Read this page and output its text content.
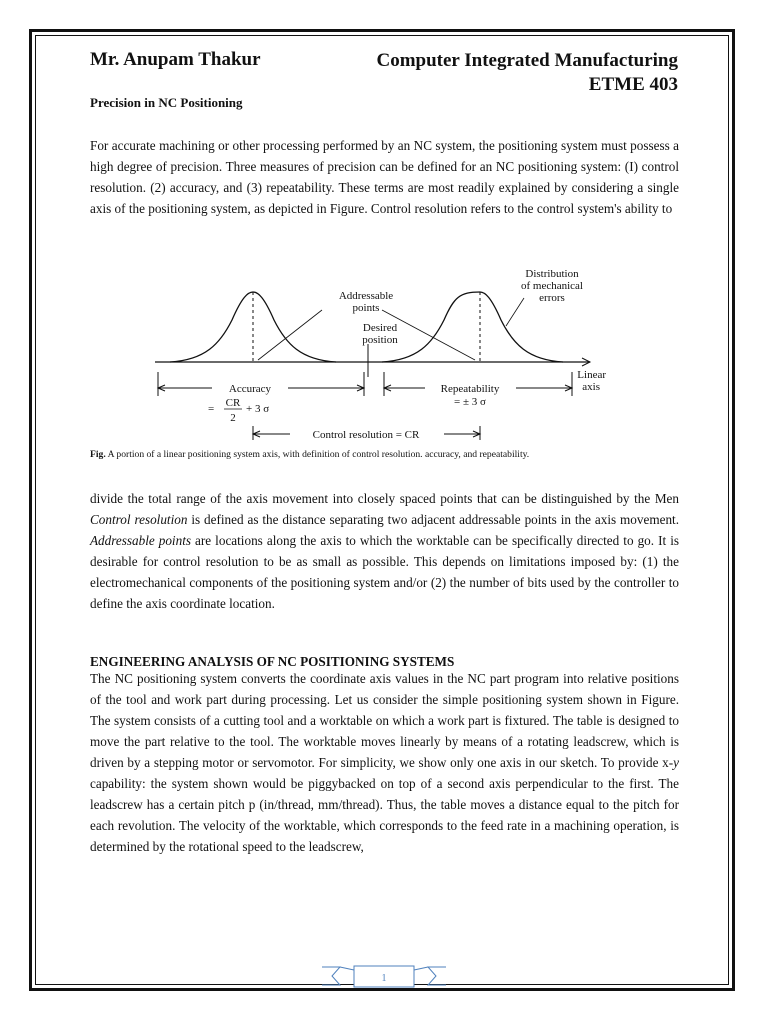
Mr. Anupam Thakur	Computer Integrated Manufacturing
ETME 403
Precision in NC Positioning
For accurate machining or other processing performed by an NC system, the positioning system must possess a high degree of precision. Three measures of precision can be defined for an NC positioning system: (I) control resolution. (2) accuracy, and (3) repeatability. These terms are most readily explained by considering a single axis of the positioning system, as depicted in Figure. Control resolution refers to the control system's ability to
Distribution
of mechanical
errors
Addressable
points
Desired
position
Linear
axis
Accuracy
= CR
2
+ 3 σ
Repeatability
= ± 3 σ
Control resolution = CR
Fig. A portion of a linear positioning system axis, with definition of control resolution. accuracy, and repeatability.
divide the total range of the axis movement into closely spaced points that can be distinguished by the Men Control resolution is defined as the distance separating two adjacent addressable points in the axis movement. Addressable points are locations along the axis to which the worktable can be specifically directed to go. It is desirable for control resolution to be as small as possible. This depends on limitations imposed by: (1) the electromechanical components of the positioning system and/or (2) the number of bits used by the controller to define the axis coordinate location.
ENGINEERING ANALYSIS OF NC POSITIONING SYSTEMS
The NC positioning system converts the coordinate axis values in the NC part program into relative positions of the tool and work part during processing. Let us consider the simple positioning system shown in Figure. The system consists of a cutting tool and a worktable on which a work part is fixtured. The table is designed to move the part relative to the tool. The worktable moves linearly by means of a rotating leadscrew, which is driven by a stepping motor or servomotor. For simplicity, we show only one axis in our sketch. To provide x-y capability: the system shown would be piggybacked on top of a second axis perpendicular to the first. The leadscrew has a certain pitch p (in/thread, mm/thread). Thus, the table moves a distance equal to the pitch for each revolution. The velocity of the worktable, which corresponds to the feed rate in a machining operation, is determined by the rotational speed to the leadscrew,
1
